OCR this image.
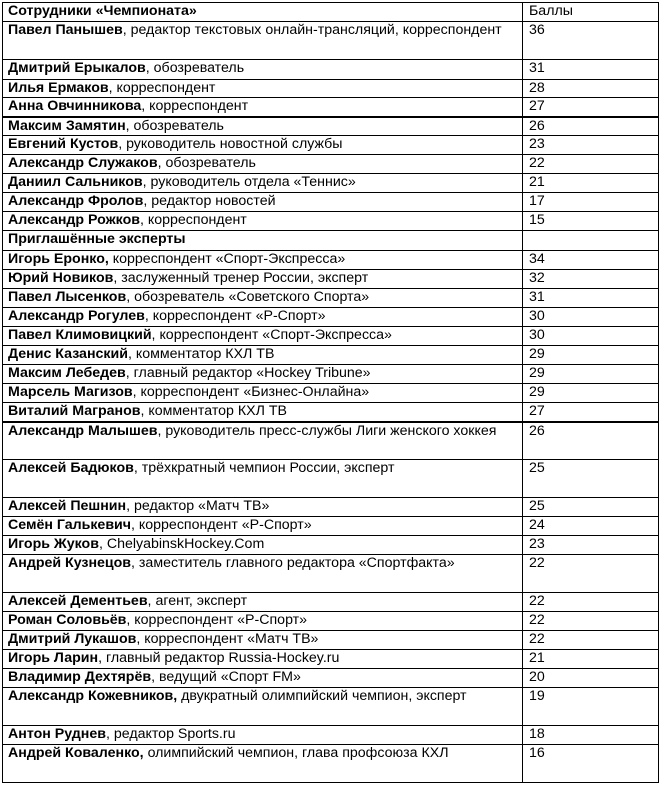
Сотрудники «Чемпионата»	Баллы
Павел Панышев, редактор текстовых онлайн-трансляций, корреспондент	36
Дмитрий Ерыкалов, обозреватель	31
Илья Ермаков, корреспондент	28
Анна Овчинникова, корреспондент	27
Максим Замятин, обозреватель	26
Евгений Кустов, руководитель новостной службы	23
Александр Служаков, обозреватель	22
Даниил Сальников, руководитель отдела «Теннис»	21
Александр Фролов, редактор новостей	17
Александр Рожков, корреспондент	15
Приглашённые эксперты	
Игорь Еронко, корреспондент «Спорт-Экспресса»	34
Юрий Новиков, заслуженный тренер России, эксперт	32
Павел Лысенков, обозреватель «Советского Спорта»	31
Александр Рогулев, корреспондент «Р-Спорт»	30
Павел Климовицкий, корреспондент «Спорт-Экспресса»	30
Денис Казанский, комментатор КХЛ ТВ	29
Максим Лебедев, главный редактор «Hockey Tribune»	29
Марсель Магизов, корреспондент «Бизнес-Онлайна»	29
Виталий Магранов, комментатор КХЛ ТВ	27
Александр Малышев, руководитель пресс-службы Лиги женского хоккея	26
Алексей Бадюков, трёхкратный чемпион России, эксперт	25
Алексей Пешнин, редактор «Матч ТВ»	25
Семён Галькевич, корреспондент «Р-Спорт»	24
Игорь Жуков, ChelyabinskHockey.Com	23
Андрей Кузнецов, заместитель главного редактора «Спортфакта»	22
Алексей Дементьев, агент, эксперт	22
Роман Соловьёв, корреспондент «Р-Спорт»	22
Дмитрий Лукашов, корреспондент «Матч ТВ»	22
Игорь Ларин, главный редактор Russia-Hockey.ru	21
Владимир Дехтярёв, ведущий «Спорт FM»	20
Александр Кожевников, двукратный олимпийский чемпион, эксперт	19
Антон Руднев, редактор Sports.ru	18
Андрей Коваленко, олимпийский чемпион, глава профсоюза КХЛ	16
